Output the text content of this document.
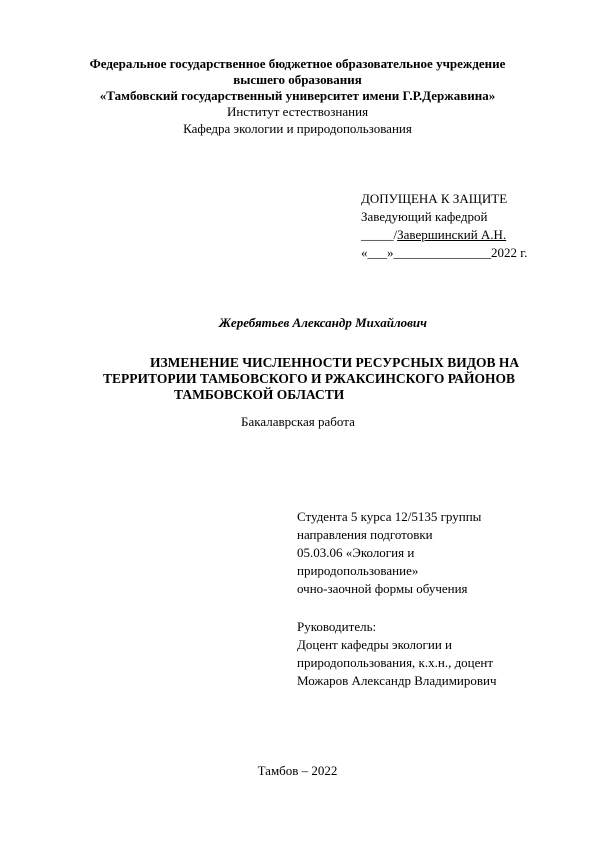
Федеральное государственное бюджетное образовательное учреждение
высшего образования
«Тамбовский государственный университет имени Г.Р.Державина»
Институт естествознания
Кафедра экологии и природопользования
ДОПУЩЕНА К ЗАЩИТЕ
Заведующий кафедрой
_____/Завершинский А.Н.
«___»_______________2022 г.
Жеребятьев Александр Михайлович
ИЗМЕНЕНИЕ ЧИСЛЕННОСТИ РЕСУРСНЫХ ВИДОВ НА
ТЕРРИТОРИИ ТАМБОВСКОГО И РЖАКСИНСКОГО РАЙОНОВ
ТАМБОВСКОЙ ОБЛАСТИ
Бакалаврская работа
Студента 5 курса 12/5135 группы
направления подготовки
05.03.06 «Экология и
природопользование»
очно-заочной формы обучения
Руководитель:
Доцент кафедры экологии и
природопользования, к.х.н., доцент
Можаров Александр Владимирович
Тамбов – 2022
